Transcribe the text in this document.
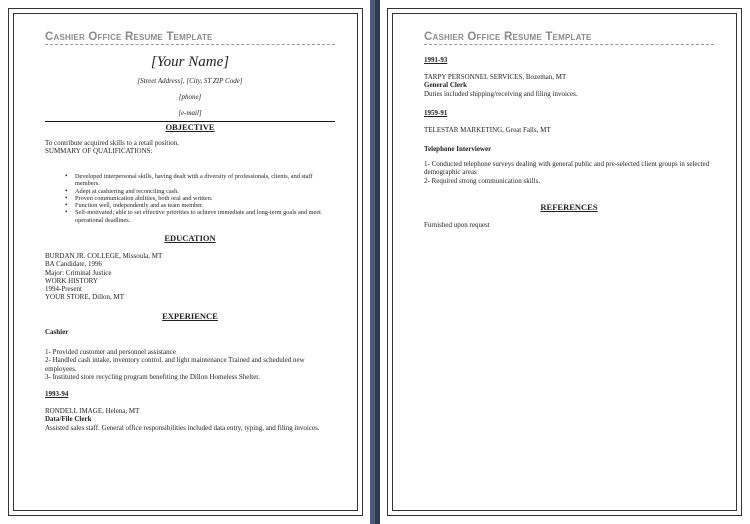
Cashier Office Resume Template
[Your Name]
[Street Address], [City, ST ZIP Code]
[phone]
[e-mail]
OBJECTIVE
To contribute acquired skills to a retail position.
SUMMARY OF QUALIFICATIONS:
• Developed interpersonal skills, having dealt with a diversity of professionals, clients, and staff members.
• Adept at cashiering and reconciling cash.
• Proven communication abilities, both oral and written.
• Function well, independently and as team member.
• Self-motivated; able to set effective priorities to achieve immediate and long-term goals and meet operational deadlines.
EDUCATION
BURDAN JR. COLLEGE, Missoula, MT
BA Candidate, 1996
Major: Criminal Justice
WORK HISTORY
1994-Present
YOUR STORE, Dillon, MT
EXPERIENCE
Cashier
1- Provided customer and personnel assistance
2- Handled cash intake, inventory control, and light maintenance Trained and scheduled new employees.
3- Instituted store recycling program benefiting the Dillon Homeless Shelter.
1993-94
RONDELL IMAGE, Helena, MT
Data/File Clerk
Assisted sales staff. General office responsibilities included data entry, typing, and filing invoices.
Cashier Office Resume Template
1991-93
TARPY PERSONNEL SERVICES, Bozeman, MT
General Clerk
Duties included shipping/receiving and filing invoices.
1959-91
TELESTAR MARKETING, Great Falls, MT
Telephone Interviewer
1- Conducted telephone surveys dealing with general public and pre-selected client groups in selected demographic areas
2- Required strong communication skills.
REFERENCES
Furnished upon request
